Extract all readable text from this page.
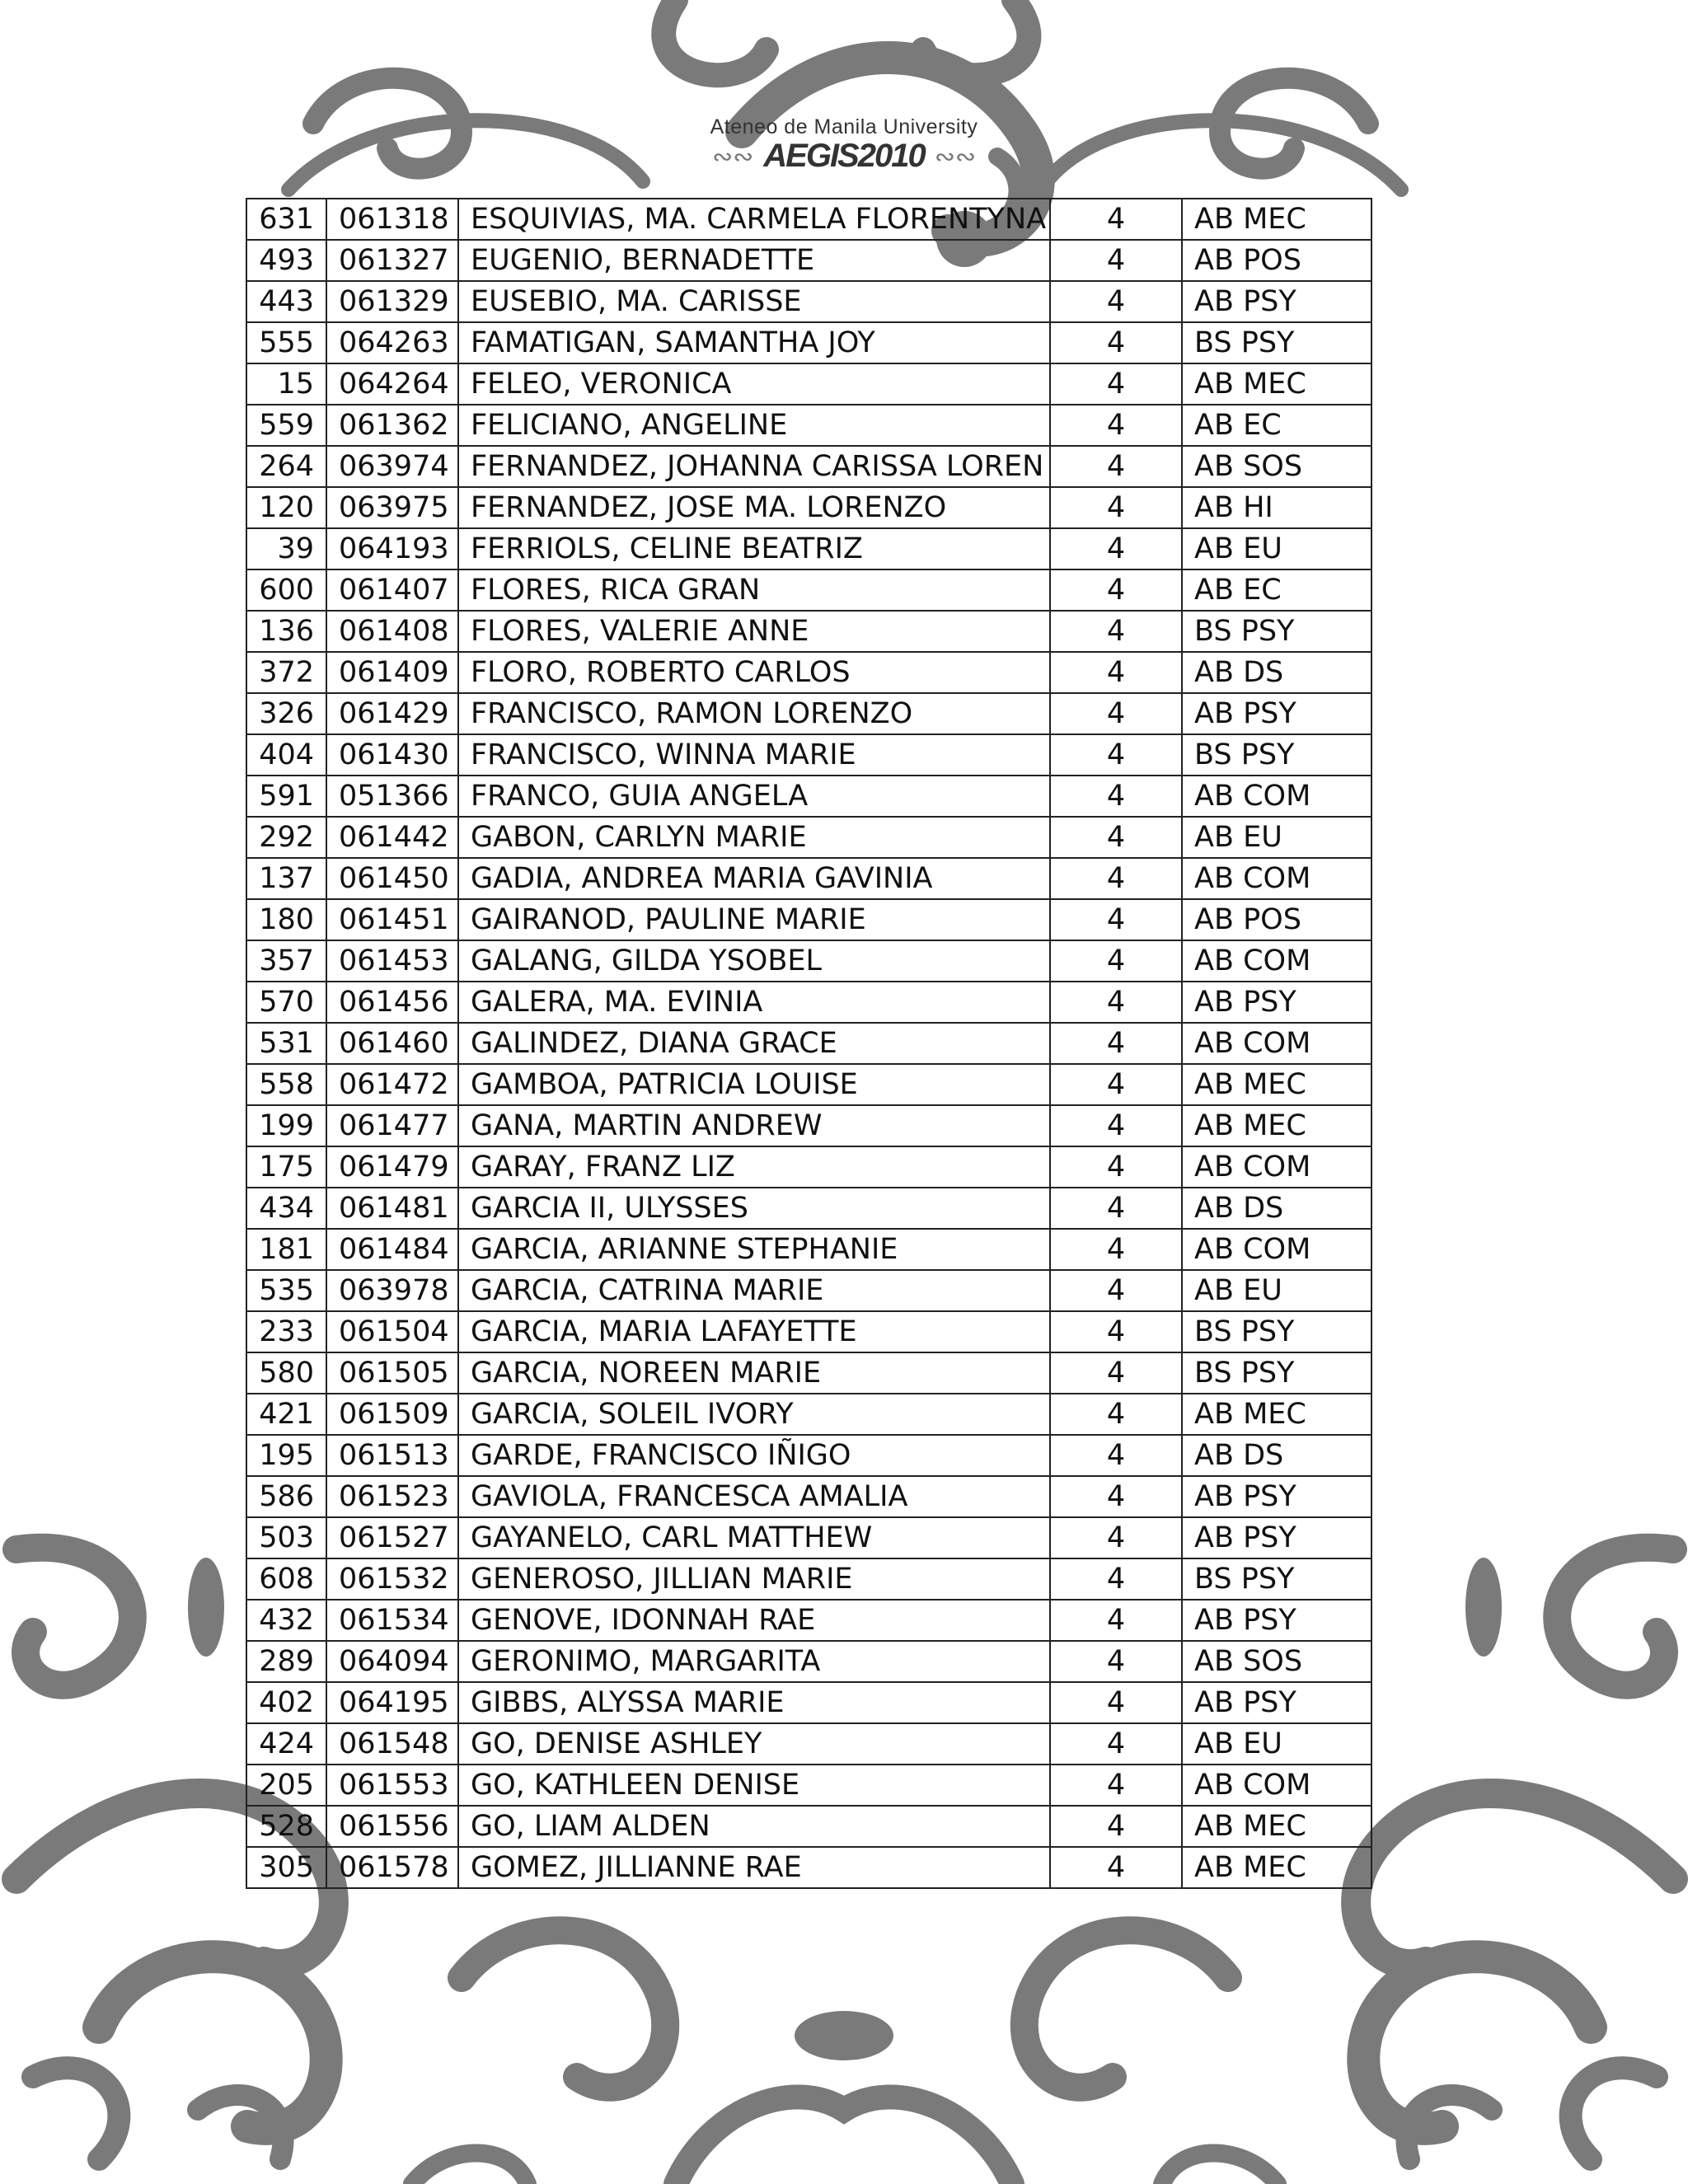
Ateneo de Manila University
∾∾ AEGIS2010 ∾∾
631	061318	ESQUIVIAS, MA. CARMELA FLORENTYNA	4	AB MEC
493	061327	EUGENIO, BERNADETTE	4	AB POS
443	061329	EUSEBIO, MA. CARISSE	4	AB PSY
555	064263	FAMATIGAN, SAMANTHA JOY	4	BS PSY
15	064264	FELEO, VERONICA	4	AB MEC
559	061362	FELICIANO, ANGELINE	4	AB EC
264	063974	FERNANDEZ, JOHANNA CARISSA LOREN	4	AB SOS
120	063975	FERNANDEZ, JOSE MA. LORENZO	4	AB HI
39	064193	FERRIOLS, CELINE BEATRIZ	4	AB EU
600	061407	FLORES, RICA GRAN	4	AB EC
136	061408	FLORES, VALERIE ANNE	4	BS PSY
372	061409	FLORO, ROBERTO CARLOS	4	AB DS
326	061429	FRANCISCO, RAMON LORENZO	4	AB PSY
404	061430	FRANCISCO, WINNA MARIE	4	BS PSY
591	051366	FRANCO, GUIA ANGELA	4	AB COM
292	061442	GABON, CARLYN MARIE	4	AB EU
137	061450	GADIA, ANDREA MARIA GAVINIA	4	AB COM
180	061451	GAIRANOD, PAULINE MARIE	4	AB POS
357	061453	GALANG, GILDA YSOBEL	4	AB COM
570	061456	GALERA, MA. EVINIA	4	AB PSY
531	061460	GALINDEZ, DIANA GRACE	4	AB COM
558	061472	GAMBOA, PATRICIA LOUISE	4	AB MEC
199	061477	GANA, MARTIN ANDREW	4	AB MEC
175	061479	GARAY, FRANZ LIZ	4	AB COM
434	061481	GARCIA II, ULYSSES	4	AB DS
181	061484	GARCIA, ARIANNE STEPHANIE	4	AB COM
535	063978	GARCIA, CATRINA MARIE	4	AB EU
233	061504	GARCIA, MARIA LAFAYETTE	4	BS PSY
580	061505	GARCIA, NOREEN MARIE	4	BS PSY
421	061509	GARCIA, SOLEIL IVORY	4	AB MEC
195	061513	GARDE, FRANCISCO IÑIGO	4	AB DS
586	061523	GAVIOLA, FRANCESCA AMALIA	4	AB PSY
503	061527	GAYANELO, CARL MATTHEW	4	AB PSY
608	061532	GENEROSO, JILLIAN MARIE	4	BS PSY
432	061534	GENOVE, IDONNAH RAE	4	AB PSY
289	064094	GERONIMO, MARGARITA	4	AB SOS
402	064195	GIBBS, ALYSSA MARIE	4	AB PSY
424	061548	GO, DENISE ASHLEY	4	AB EU
205	061553	GO, KATHLEEN DENISE	4	AB COM
528	061556	GO, LIAM ALDEN	4	AB MEC
305	061578	GOMEZ, JILLIANNE RAE	4	AB MEC
